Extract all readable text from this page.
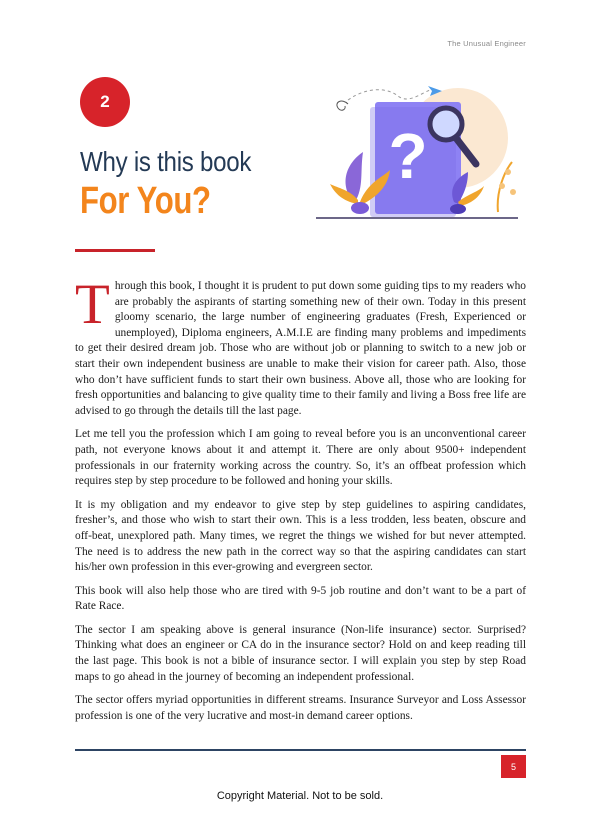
The Unusual Engineer
2
Why is this book
For You?
?

Through this book, I thought it is prudent to put down some guiding tips to my readers who are probably the aspirants of starting something new of their own. Today in this present gloomy scenario, the large number of engineering graduates (Fresh, Experienced or unemployed), Diploma engineers, A.M.I.E are finding many problems and impediments to get their desired dream job. Those who are without job or planning to switch to a new job or start their own independent business are unable to make their vision for career path. Also, those who don’t have sufficient funds to start their own business. Above all, those who are looking for fresh opportunities and balancing to give quality time to their family and living a Boss free life are advised to go through the details till the last page.

Let me tell you the profession which I am going to reveal before you is an unconventional career path, not everyone knows about it and attempt it. There are only about 9500+ independent professionals in our fraternity working across the country. So, it’s an offbeat profession which requires step by step procedure to be followed and honing your skills.

It is my obligation and my endeavor to give step by step guidelines to aspiring candidates, fresher’s, and those who wish to start their own. This is a less trodden, less beaten, obscure and off-beat, unexplored path. Many times, we regret the things we wished for but never attempted. The need is to address the new path in the correct way so that the aspiring candidates can start his/her own profession in this ever-growing and evergreen sector.

This book will also help those who are tired with 9-5 job routine and don’t want to be a part of Rate Race.

The sector I am speaking above is general insurance (Non-life insurance) sector. Surprised? Thinking what does an engineer or CA do in the insurance sector? Hold on and keep reading till the last page. This book is not a bible of insurance sector. I will explain you step by step Road maps to go ahead in the journey of becoming an independent professional.

The sector offers myriad opportunities in different streams. Insurance Surveyor and Loss Assessor profession is one of the very lucrative and most-in demand career options.

5
Copyright Material. Not to be sold.
